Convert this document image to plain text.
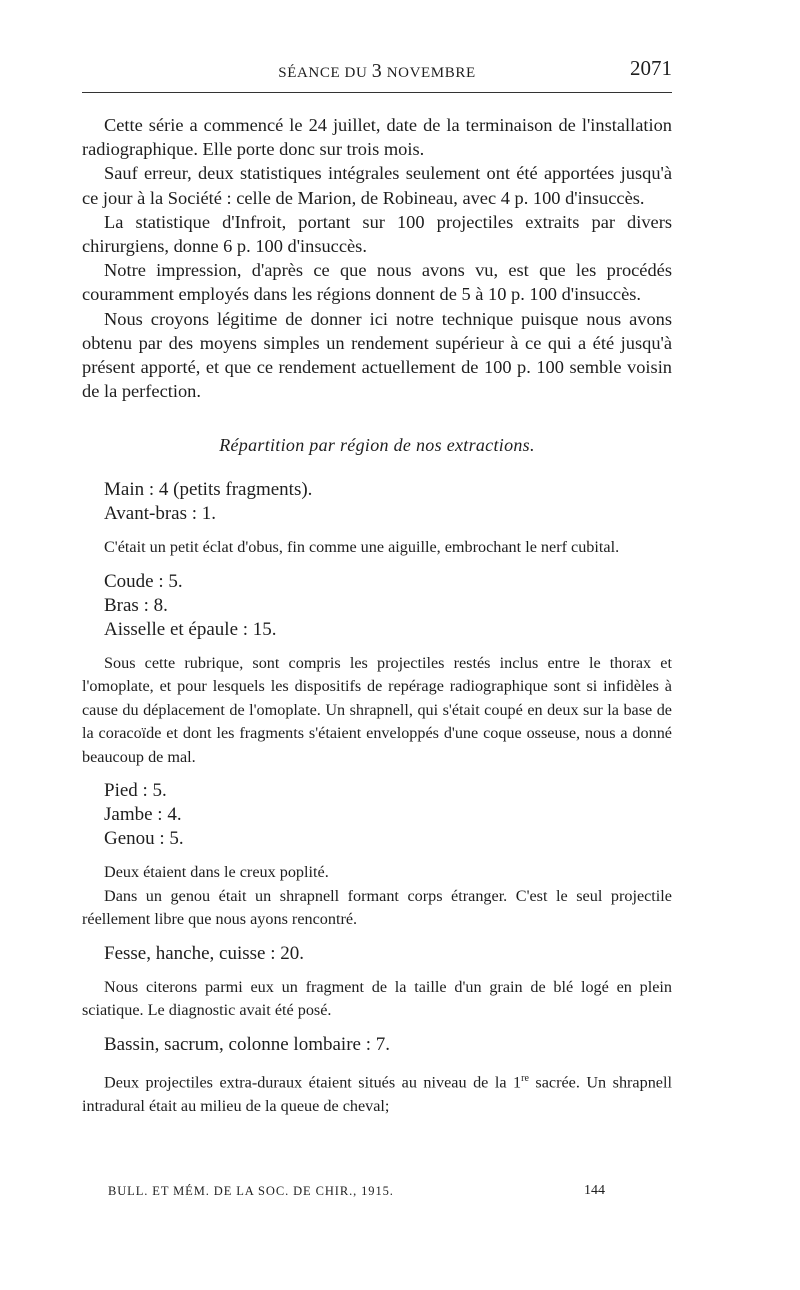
SÉANCE DU 3 NOVEMBRE	2071

Cette série a commencé le 24 juillet, date de la terminaison de l'installation radiographique. Elle porte donc sur trois mois.

Sauf erreur, deux statistiques intégrales seulement ont été apportées jusqu'à ce jour à la Société : celle de Marion, de Robineau, avec 4 p. 100 d'insuccès.

La statistique d'Infroit, portant sur 100 projectiles extraits par divers chirurgiens, donne 6 p. 100 d'insuccès.

Notre impression, d'après ce que nous avons vu, est que les procédés couramment employés dans les régions donnent de 5 à 10 p. 100 d'insuccès.

Nous croyons légitime de donner ici notre technique puisque nous avons obtenu par des moyens simples un rendement supérieur à ce qui a été jusqu'à présent apporté, et que ce rendement actuellement de 100 p. 100 semble voisin de la perfection.

Répartition par région de nos extractions.
Main : 4 (petits fragments).
Avant-bras : 1.

C'était un petit éclat d'obus, fin comme une aiguille, embrochant le nerf cubital.

Coude : 5.
Bras : 8.
Aisselle et épaule : 15.

Sous cette rubrique, sont compris les projectiles restés inclus entre le thorax et l'omoplate, et pour lesquels les dispositifs de repérage radiographique sont si infidèles à cause du déplacement de l'omoplate. Un shrapnell, qui s'était coupé en deux sur la base de la coracoïde et dont les fragments s'étaient enveloppés d'une coque osseuse, nous a donné beaucoup de mal.

Pied : 5.
Jambe : 4.
Genou : 5.

Deux étaient dans le creux poplité.

Dans un genou était un shrapnell formant corps étranger. C'est le seul projectile réellement libre que nous ayons rencontré.

Fesse, hanche, cuisse : 20.

Nous citerons parmi eux un fragment de la taille d'un grain de blé logé en plein sciatique. Le diagnostic avait été posé.

Bassin, sacrum, colonne lombaire : 7.

Deux projectiles extra-duraux étaient situés au niveau de la 1re sacrée. Un shrapnell intradural était au milieu de la queue de cheval;

BULL. ET MÉM. DE LA SOC. DE CHIR., 1915.	144
